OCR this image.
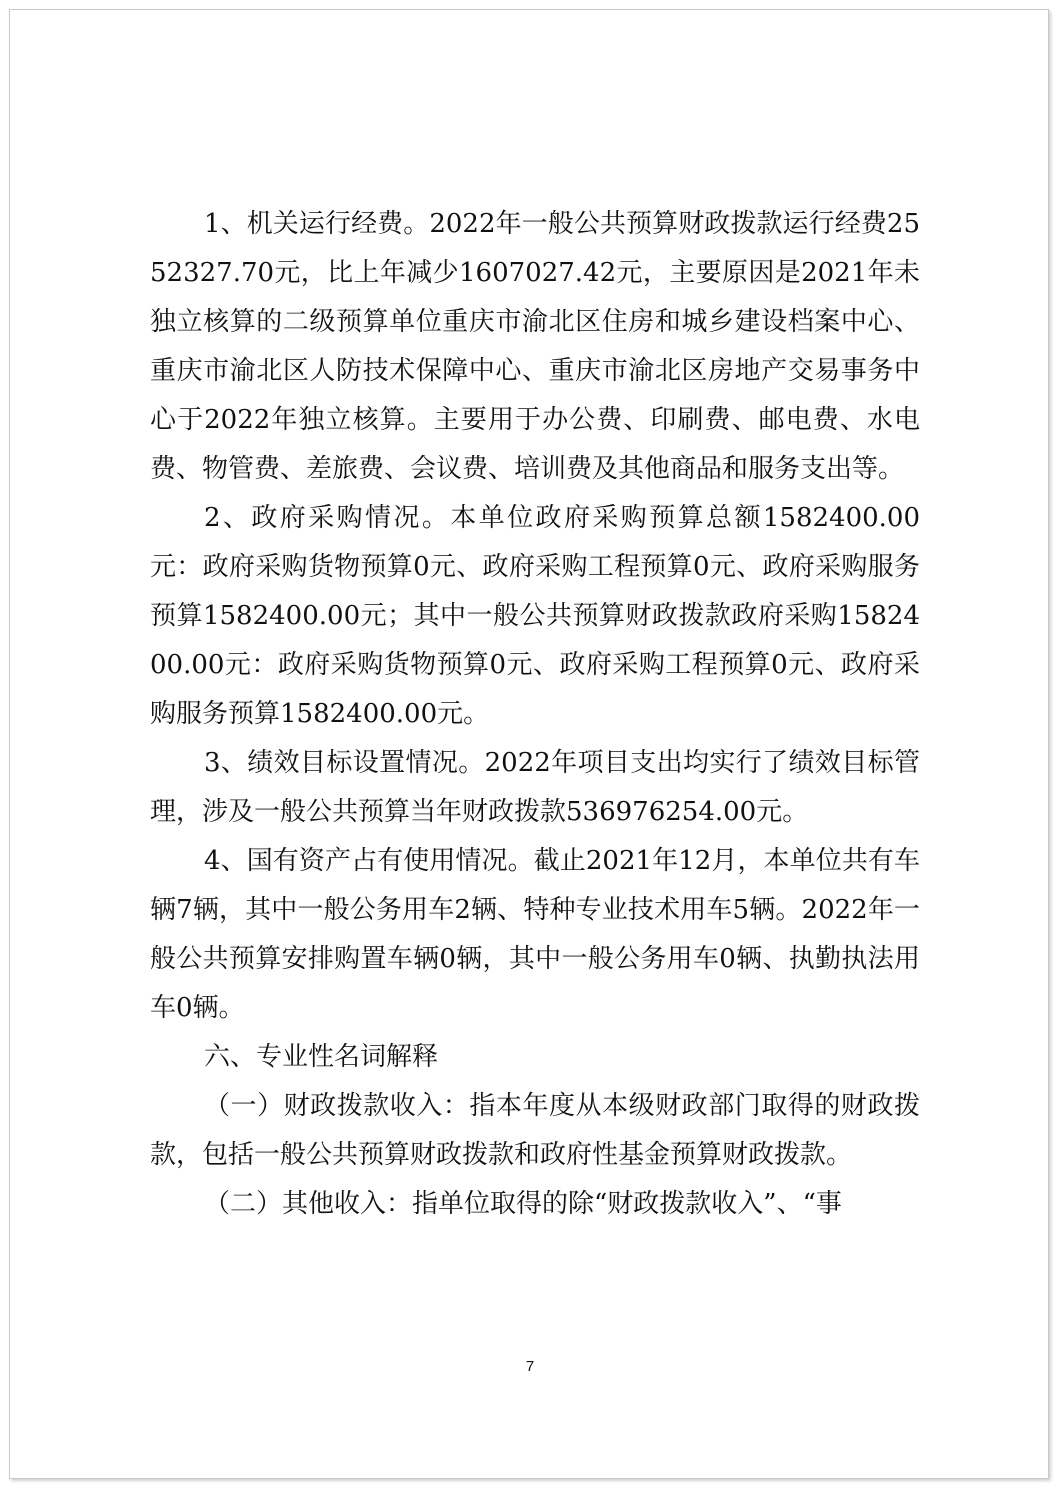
1、机关运行经费。2022年一般公共预算财政拨款运行经费2552327.70元，比上年减少1607027.42元，主要原因是2021年未独立核算的二级预算单位重庆市渝北区住房和城乡建设档案中心、重庆市渝北区人防技术保障中心、重庆市渝北区房地产交易事务中心于2022年独立核算。主要用于办公费、印刷费、邮电费、水电费、物管费、差旅费、会议费、培训费及其他商品和服务支出等。

2、政府采购情况。本单位政府采购预算总额1582400.00元：政府采购货物预算0元、政府采购工程预算0元、政府采购服务预算1582400.00元；其中一般公共预算财政拨款政府采购1582400.00元：政府采购货物预算0元、政府采购工程预算0元、政府采购服务预算1582400.00元。

3、绩效目标设置情况。2022年项目支出均实行了绩效目标管理，涉及一般公共预算当年财政拨款536976254.00元。

4、国有资产占有使用情况。截止2021年12月，本单位共有车辆7辆，其中一般公务用车2辆、特种专业技术用车5辆。2022年一般公共预算安排购置车辆0辆，其中一般公务用车0辆、执勤执法用车0辆。

六、专业性名词解释

（一）财政拨款收入：指本年度从本级财政部门取得的财政拨款，包括一般公共预算财政拨款和政府性基金预算财政拨款。

（二）其他收入：指单位取得的除“财政拨款收入”、“事

7
